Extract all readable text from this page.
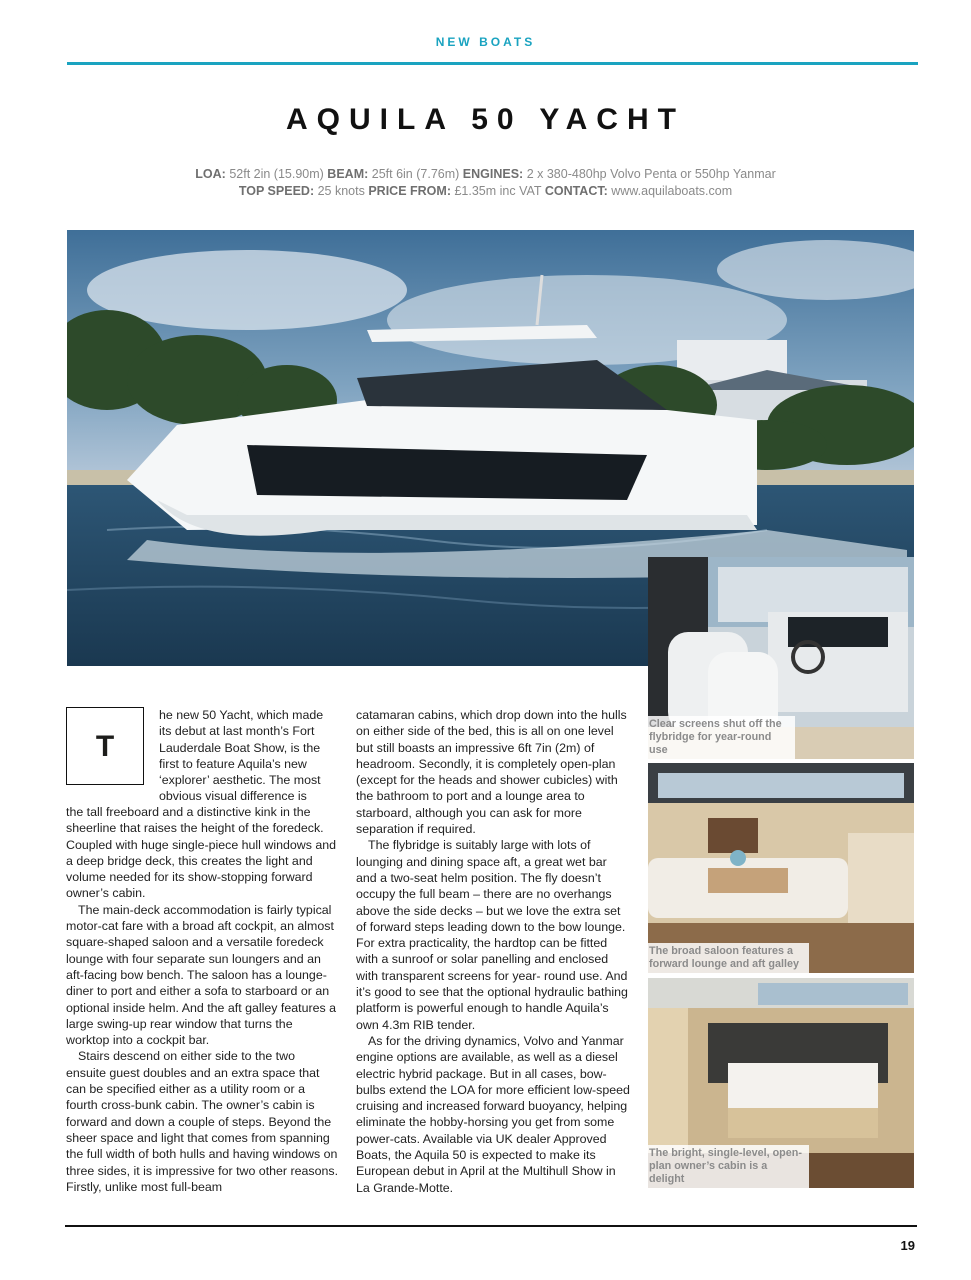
NEW BOATS
AQUILA 50 YACHT
LOA: 52ft 2in (15.90m) BEAM: 25ft 6in (7.76m) ENGINES: 2 x 380-480hp Volvo Penta or 550hp Yanmar
TOP SPEED: 25 knots PRICE FROM: £1.35m inc VAT CONTACT: www.aquilaboats.com
Clear screens shut off the flybridge for year-round use
The broad saloon features a forward lounge and aft galley
The bright, single-level, open-plan owner’s cabin is a delight
T

he new 50 Yacht, which made its debut at last month’s Fort Lauderdale Boat Show, is the first to feature Aquila’s new ‘explorer’ aesthetic. The most obvious visual difference is

the tall freeboard and a distinctive kink in the sheerline that raises the height of the foredeck. Coupled with huge single-piece hull windows and a deep bridge deck, this creates the light and volume needed for its show-stopping forward owner’s cabin.

The main-deck accommodation is fairly typical motor-cat fare with a broad aft cockpit, an almost square-shaped saloon and a versatile foredeck lounge with four separate sun loungers and an aft-facing bow bench. The saloon has a lounge-diner to port and either a sofa to starboard or an optional inside helm. And the aft galley features a large swing-up rear window that turns the worktop into a cockpit bar.

Stairs descend on either side to the two ensuite guest doubles and an extra space that can be specified either as a utility room or a fourth cross-bunk cabin. The owner’s cabin is forward and down a couple of steps. Beyond the sheer space and light that comes from spanning the full width of both hulls and having windows on three sides, it is impressive for two other reasons. Firstly, unlike most full-beam

catamaran cabins, which drop down into the hulls on either side of the bed, this is all on one level but still boasts an impressive 6ft 7in (2m) of headroom. Secondly, it is completely open-plan (except for the heads and shower cubicles) with the bathroom to port and a lounge area to starboard, although you can ask for more separation if required.

The flybridge is suitably large with lots of lounging and dining space aft, a great wet bar and a two-seat helm position. The fly doesn’t occupy the full beam – there are no overhangs above the side decks – but we love the extra set of forward steps leading down to the bow lounge. For extra practicality, the hardtop can be fitted with a sunroof or solar panelling and enclosed with transparent screens for year- round use. And it’s good to see that the optional hydraulic bathing platform is powerful enough to handle Aquila’s own 4.3m RIB tender.

As for the driving dynamics, Volvo and Yanmar engine options are available, as well as a diesel electric hybrid package. But in all cases, bow-bulbs extend the LOA for more efficient low-speed cruising and increased forward buoyancy, helping eliminate the hobby-horsing you get from some power-cats. Available via UK dealer Approved Boats, the Aquila 50 is expected to make its European debut in April at the Multihull Show in La Grande-Motte.

19
